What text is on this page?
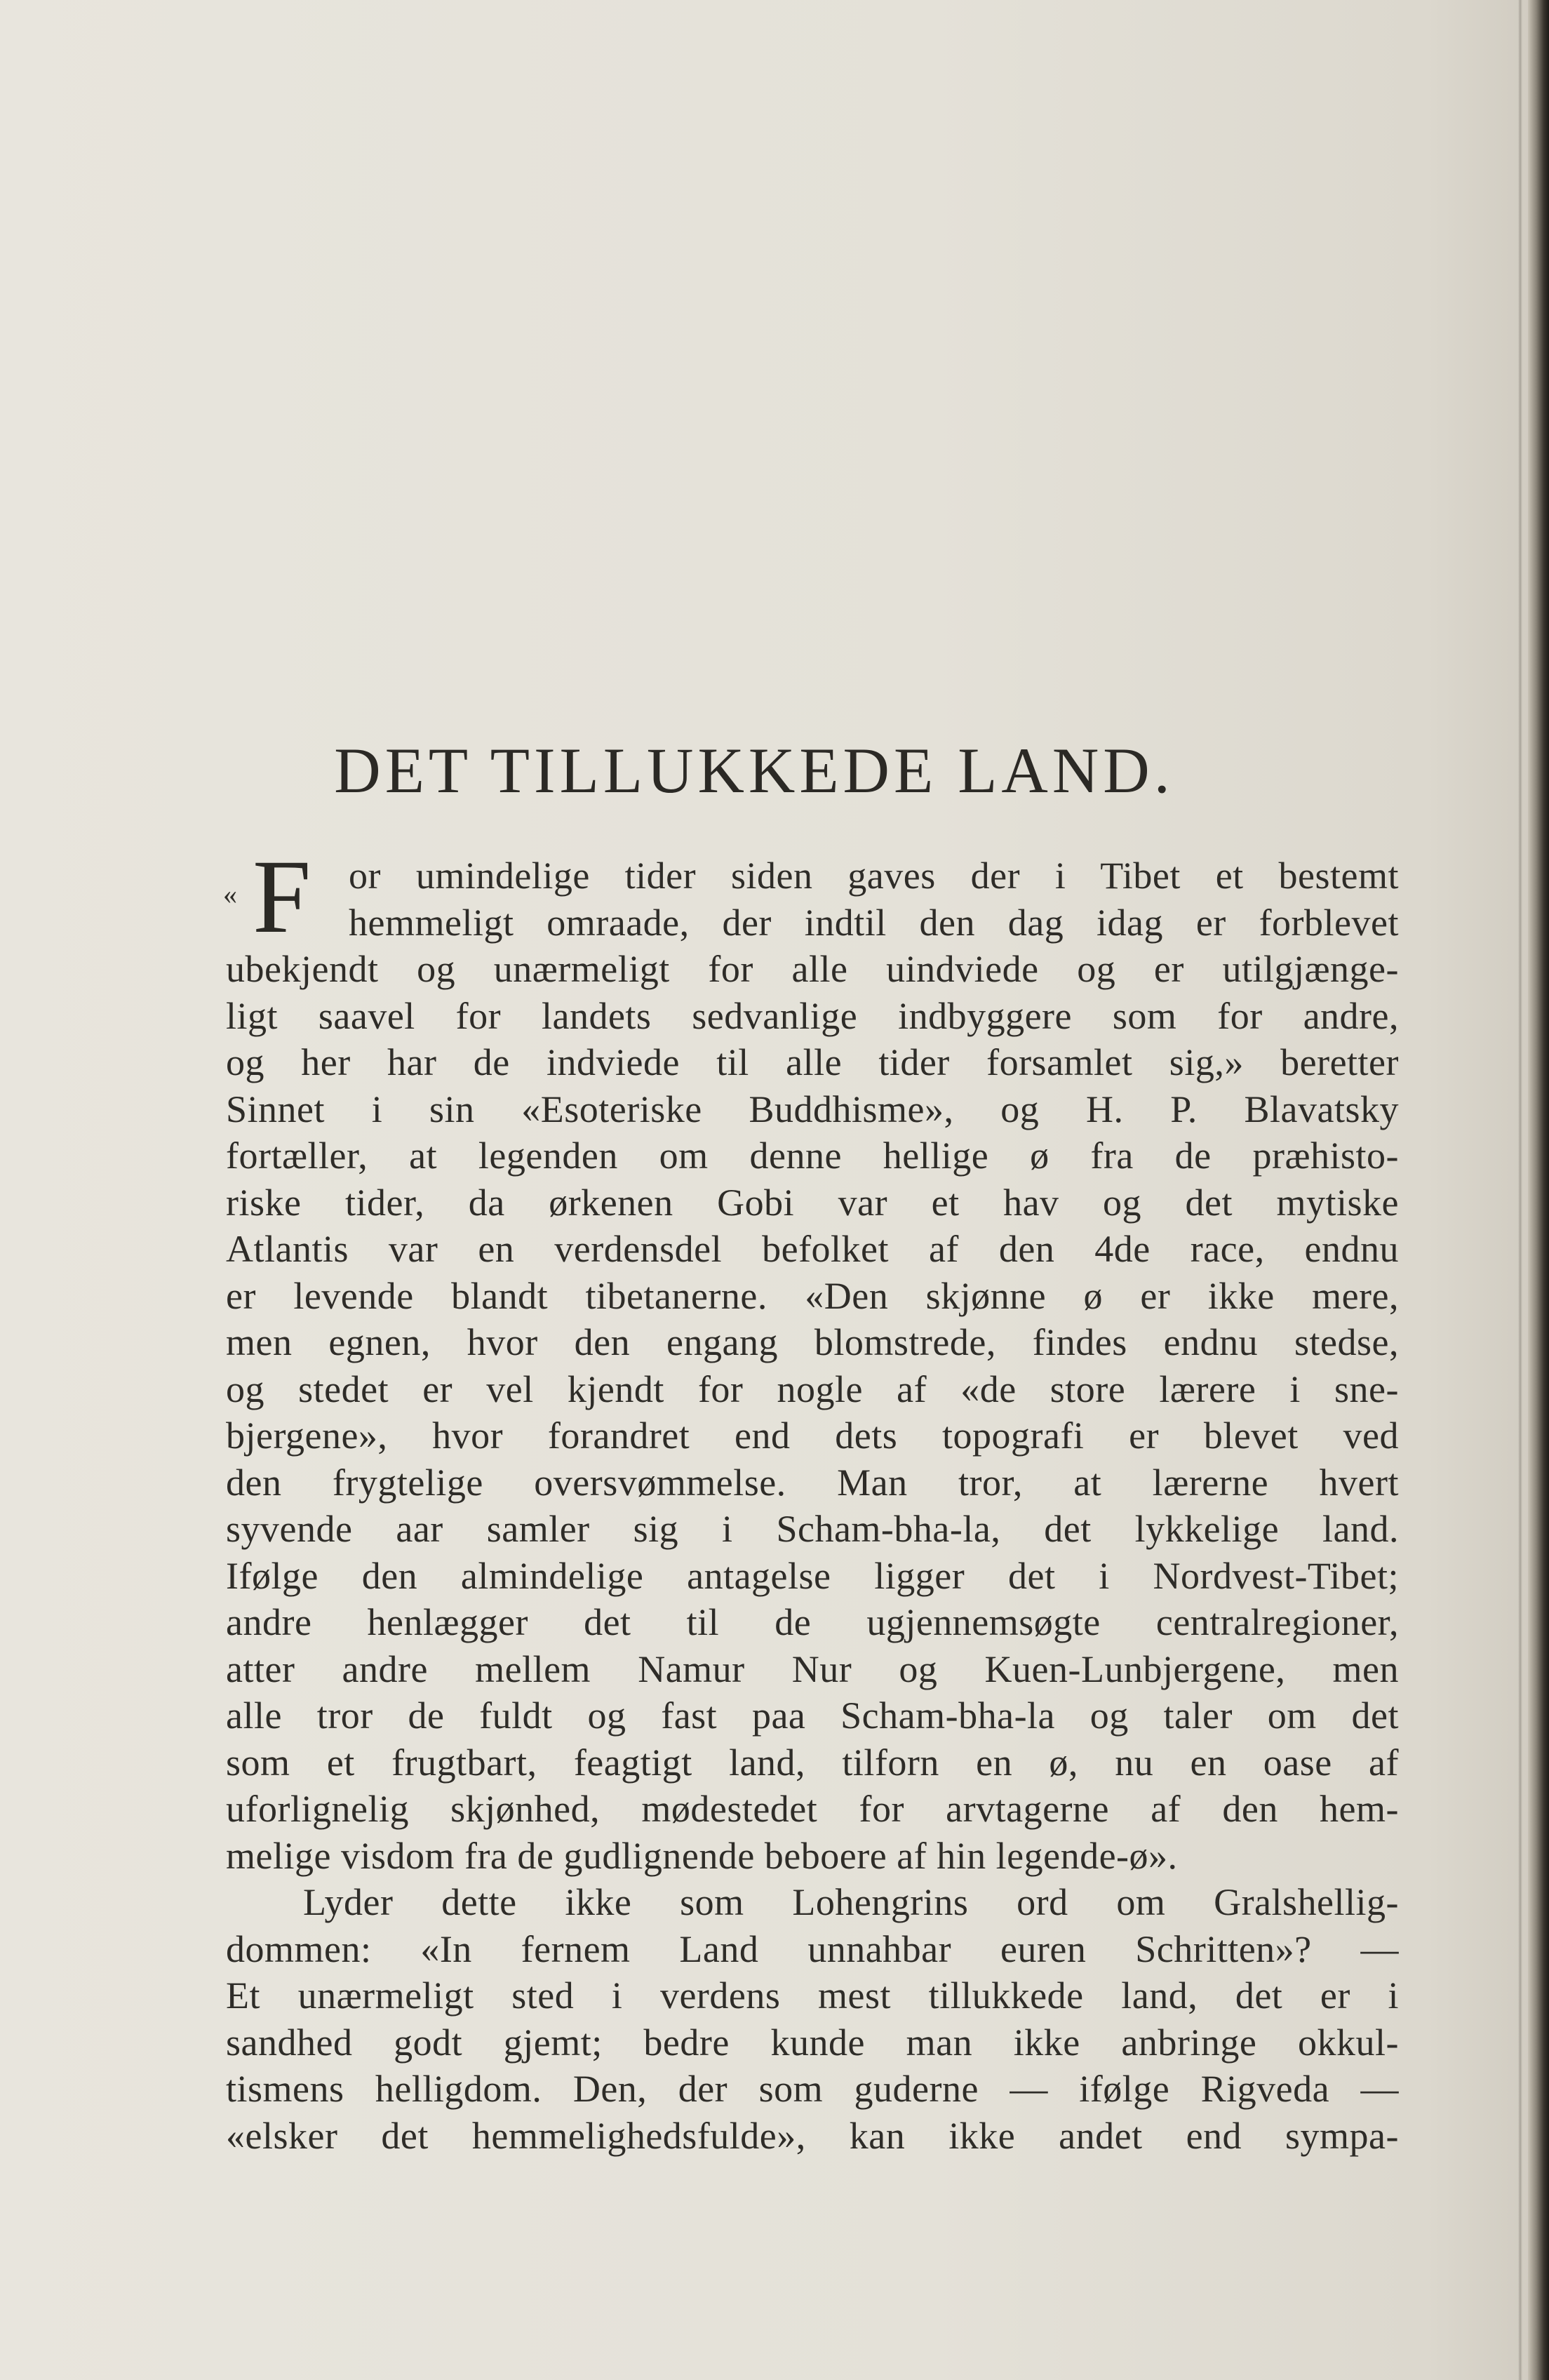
DET TILLUKKEDE LAND.
« F or umindelige tider siden gaves der i Tibet et bestemt
hemmeligt omraade, der indtil den dag idag er forblevet
ubekjendt og unærmeligt for alle uindviede og er utilgjænge-
ligt saavel for landets sedvanlige indbyggere som for andre,
og her har de indviede til alle tider forsamlet sig,» beretter
Sinnet i sin «Esoteriske Buddhisme», og H. P. Blavatsky
fortæller, at legenden om denne hellige ø fra de præhisto-
riske tider, da ørkenen Gobi var et hav og det mytiske
Atlantis var en verdensdel befolket af den 4de race, endnu
er levende blandt tibetanerne. «Den skjønne ø er ikke mere,
men egnen, hvor den engang blomstrede, findes endnu stedse,
og stedet er vel kjendt for nogle af «de store lærere i sne-
bjergene», hvor forandret end dets topografi er blevet ved
den frygtelige oversvømmelse. Man tror, at lærerne hvert
syvende aar samler sig i Scham-bha-la, det lykkelige land.
Ifølge den almindelige antagelse ligger det i Nordvest-Tibet;
andre henlægger det til de ugjennemsøgte centralregioner,
atter andre mellem Namur Nur og Kuen-Lunbjergene, men
alle tror de fuldt og fast paa Scham-bha-la og taler om det
som et frugtbart, feagtigt land, tilforn en ø, nu en oase af
uforlignelig skjønhed, mødestedet for arvtagerne af den hem-
melige visdom fra de gudlignende beboere af hin legende-ø».
Lyder dette ikke som Lohengrins ord om Gralshellig-
dommen: «In fernem Land unnahbar euren Schritten»? —
Et unærmeligt sted i verdens mest tillukkede land, det er i
sandhed godt gjemt; bedre kunde man ikke anbringe okkul-
tismens helligdom. Den, der som guderne — ifølge Rigveda —
«elsker det hemmelighedsfulde», kan ikke andet end sympa-
